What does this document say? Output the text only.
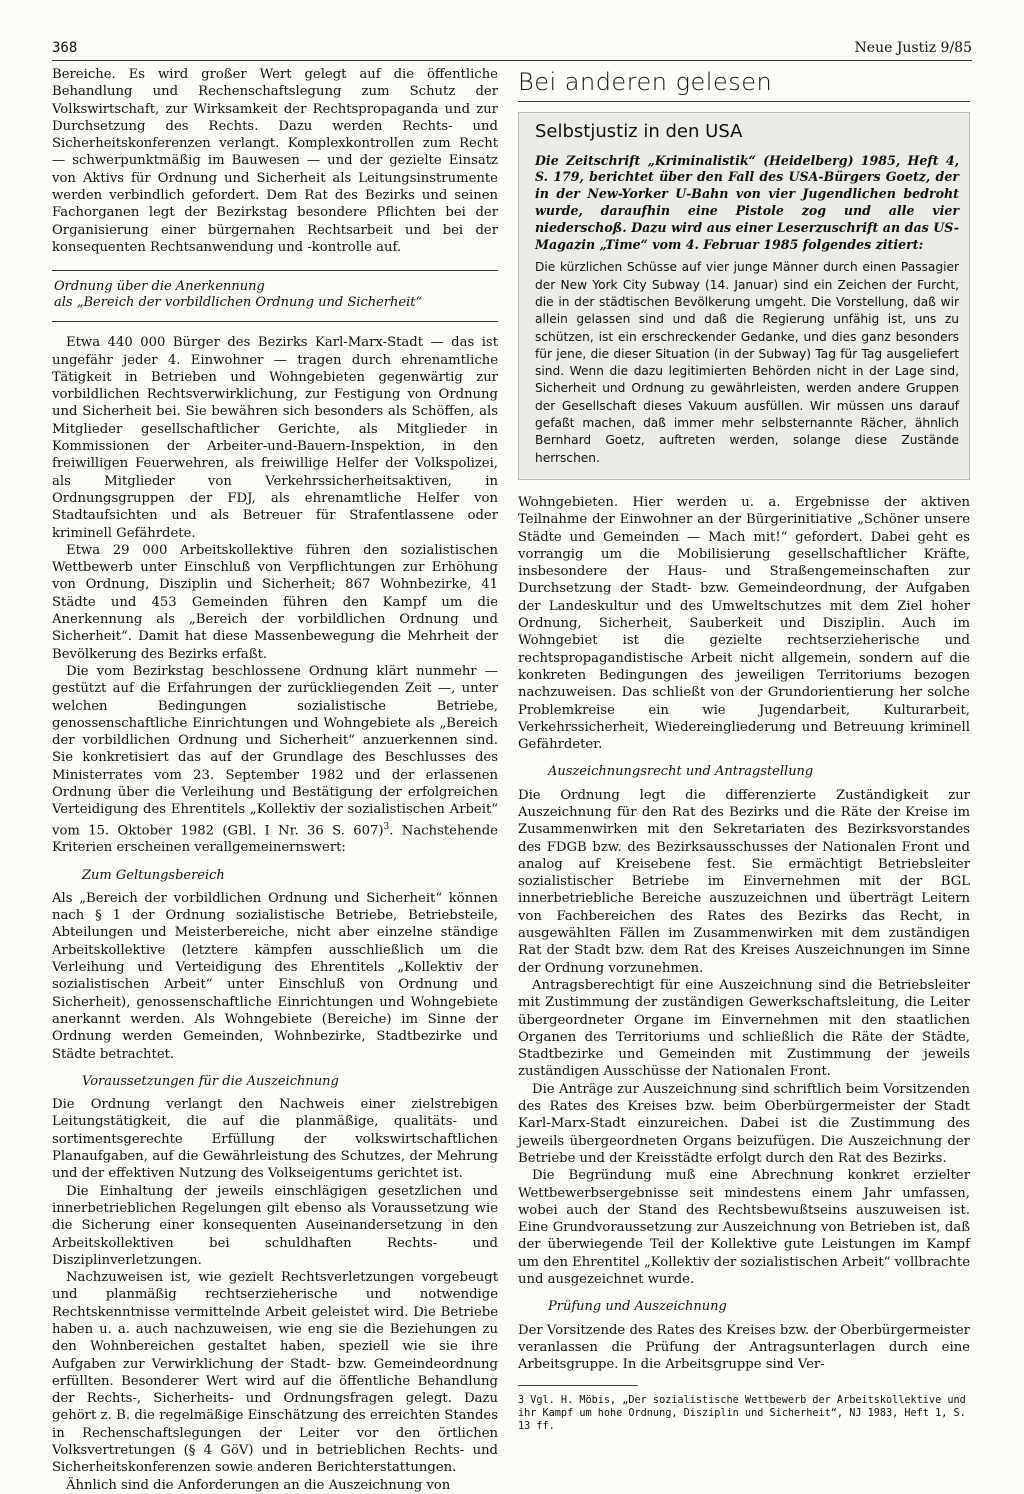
368	Neue Justiz 9/85

Bereiche. Es wird großer Wert gelegt auf die öffentliche Behandlung und Rechenschaftslegung zum Schutz der Volkswirtschaft, zur Wirksamkeit der Rechtspropaganda und zur Durchsetzung des Rechts. Dazu werden Rechts- und Sicherheitskonferenzen verlangt. Komplexkontrollen zum Recht — schwerpunktmäßig im Bauwesen — und der gezielte Einsatz von Aktivs für Ordnung und Sicherheit als Leitungsinstrumente werden verbindlich gefordert. Dem Rat des Bezirks und seinen Fachorganen legt der Bezirkstag besondere Pflichten bei der Organisierung einer bürgernahen Rechtsarbeit und bei der konsequenten Rechtsanwendung und -kontrolle auf.

Ordnung über die Anerkennung
als „Bereich der vorbildlichen Ordnung und Sicherheit“

Etwa 440 000 Bürger des Bezirks Karl-Marx-Stadt — das ist ungefähr jeder 4. Einwohner — tragen durch ehrenamtliche Tätigkeit in Betrieben und Wohngebieten gegenwärtig zur vorbildlichen Rechtsverwirklichung, zur Festigung von Ordnung und Sicherheit bei. Sie bewähren sich besonders als Schöffen, als Mitglieder gesellschaftlicher Gerichte, als Mitglieder in Kommissionen der Arbeiter-und-Bauern-Inspektion, in den freiwilligen Feuerwehren, als freiwillige Helfer der Volkspolizei, als Mitglieder von Verkehrssicherheitsaktiven, in Ordnungsgruppen der FDJ, als ehrenamtliche Helfer von Stadtaufsichten und als Betreuer für Strafentlassene oder kriminell Gefährdete.

Etwa 29 000 Arbeitskollektive führen den sozialistischen Wettbewerb unter Einschluß von Verpflichtungen zur Erhöhung von Ordnung, Disziplin und Sicherheit; 867 Wohnbezirke, 41 Städte und 453 Gemeinden führen den Kampf um die Anerkennung als „Bereich der vorbildlichen Ordnung und Sicherheit“. Damit hat diese Massenbewegung die Mehrheit der Bevölkerung des Bezirks erfaßt.

Die vom Bezirkstag beschlossene Ordnung klärt nunmehr — gestützt auf die Erfahrungen der zurückliegenden Zeit —, unter welchen Bedingungen sozialistische Betriebe, genossenschaftliche Einrichtungen und Wohngebiete als „Bereich der vorbildlichen Ordnung und Sicherheit“ anzuerkennen sind. Sie konkretisiert das auf der Grundlage des Beschlusses des Ministerrates vom 23. September 1982 und der erlassenen Ordnung über die Verleihung und Bestätigung der erfolgreichen Verteidigung des Ehrentitels „Kollektiv der sozialistischen Arbeit“ vom 15. Oktober 1982 (GBl. I Nr. 36 S. 607)$^3$. Nachstehende Kriterien erscheinen verallgemeinernswert:

Zum Geltungsbereich

Als „Bereich der vorbildlichen Ordnung und Sicherheit“ können nach § 1 der Ordnung sozialistische Betriebe, Betriebsteile, Abteilungen und Meisterbereiche, nicht aber einzelne ständige Arbeitskollektive (letztere kämpfen ausschließlich um die Verleihung und Verteidigung des Ehrentitels „Kollektiv der sozialistischen Arbeit“ unter Einschluß von Ordnung und Sicherheit), genossenschaftliche Einrichtungen und Wohngebiete anerkannt werden. Als Wohngebiete (Bereiche) im Sinne der Ordnung werden Gemeinden, Wohnbezirke, Stadtbezirke und Städte betrachtet.

Voraussetzungen für die Auszeichnung

Die Ordnung verlangt den Nachweis einer zielstrebigen Leitungstätigkeit, die auf die planmäßige, qualitäts- und sortimentsgerechte Erfüllung der volkswirtschaftlichen Planaufgaben, auf die Gewährleistung des Schutzes, der Mehrung und der effektiven Nutzung des Volkseigentums gerichtet ist.

Die Einhaltung der jeweils einschlägigen gesetzlichen und innerbetrieblichen Regelungen gilt ebenso als Voraussetzung wie die Sicherung einer konsequenten Auseinandersetzung in den Arbeitskollektiven bei schuldhaften Rechts- und Disziplinverletzungen.

Nachzuweisen ist, wie gezielt Rechtsverletzungen vorgebeugt und planmäßig rechtserzieherische und notwendige Rechtskenntnisse vermittelnde Arbeit geleistet wird. Die Betriebe haben u. a. auch nachzuweisen, wie eng sie die Beziehungen zu den Wohnbereichen gestaltet haben, speziell wie sie ihre Aufgaben zur Verwirklichung der Stadt- bzw. Gemeindeordnung erfüllten. Besonderer Wert wird auf die öffentliche Behandlung der Rechts-, Sicherheits- und Ordnungsfragen gelegt. Dazu gehört z. B. die regelmäßige Einschätzung des erreichten Standes in Rechenschaftslegungen der Leiter vor den örtlichen Volksvertretungen (§ 4 GöV) und in betrieblichen Rechts- und Sicherheitskonferenzen sowie anderen Berichterstattungen.

Ähnlich sind die Anforderungen an die Auszeichnung von

Bei anderen gelesen
Selbstjustiz in den USA
Die Zeitschrift „Kriminalistik“ (Heidelberg) 1985, Heft 4, S. 179, berichtet über den Fall des USA-Bürgers Goetz, der in der New-Yorker U-Bahn von vier Jugendlichen bedroht wurde, daraufhin eine Pistole zog und alle vier niederschoß. Dazu wird aus einer Leserzuschrift an das US-Magazin „Time“ vom 4. Februar 1985 folgendes zitiert:
Die kürzlichen Schüsse auf vier junge Männer durch einen Passagier der New York City Subway (14. Januar) sind ein Zeichen der Furcht, die in der städtischen Bevölkerung umgeht. Die Vorstellung, daß wir allein gelassen sind und daß die Regierung unfähig ist, uns zu schützen, ist ein erschreckender Gedanke, und dies ganz besonders für jene, die dieser Situation (in der Subway) Tag für Tag ausgeliefert sind. Wenn die dazu legitimierten Behörden nicht in der Lage sind, Sicherheit und Ordnung zu gewährleisten, werden andere Gruppen der Gesellschaft dieses Vakuum ausfüllen. Wir müssen uns darauf gefaßt machen, daß immer mehr selbsternannte Rächer, ähnlich Bernhard Goetz, auftreten werden, solange diese Zustände herrschen.

Wohngebieten. Hier werden u. a. Ergebnisse der aktiven Teilnahme der Einwohner an der Bürgerinitiative „Schöner unsere Städte und Gemeinden — Mach mit!“ gefordert. Dabei geht es vorrangig um die Mobilisierung gesellschaftlicher Kräfte, insbesondere der Haus- und Straßengemeinschaften zur Durchsetzung der Stadt- bzw. Gemeindeordnung, der Aufgaben der Landeskultur und des Umweltschutzes mit dem Ziel hoher Ordnung, Sicherheit, Sauberkeit und Disziplin. Auch im Wohngebiet ist die gezielte rechtserzieherische und rechtspropagandistische Arbeit nicht allgemein, sondern auf die konkreten Bedingungen des jeweiligen Territoriums bezogen nachzuweisen. Das schließt von der Grundorientierung her solche Problemkreise ein wie Jugendarbeit, Kulturarbeit, Verkehrssicherheit, Wiedereingliederung und Betreuung kriminell Gefährdeter.

Auszeichnungsrecht und Antragstellung

Die Ordnung legt die differenzierte Zuständigkeit zur Auszeichnung für den Rat des Bezirks und die Räte der Kreise im Zusammenwirken mit den Sekretariaten des Bezirksvorstandes des FDGB bzw. des Bezirksausschusses der Nationalen Front und analog auf Kreisebene fest. Sie ermächtigt Betriebsleiter sozialistischer Betriebe im Einvernehmen mit der BGL innerbetriebliche Bereiche auszuzeichnen und überträgt Leitern von Fachbereichen des Rates des Bezirks das Recht, in ausgewählten Fällen im Zusammenwirken mit dem zuständigen Rat der Stadt bzw. dem Rat des Kreises Auszeichnungen im Sinne der Ordnung vorzunehmen.

Antragsberechtigt für eine Auszeichnung sind die Betriebsleiter mit Zustimmung der zuständigen Gewerkschaftsleitung, die Leiter übergeordneter Organe im Einvernehmen mit den staatlichen Organen des Territoriums und schließlich die Räte der Städte, Stadtbezirke und Gemeinden mit Zustimmung der jeweils zuständigen Ausschüsse der Nationalen Front.

Die Anträge zur Auszeichnung sind schriftlich beim Vorsitzenden des Rates des Kreises bzw. beim Oberbürgermeister der Stadt Karl-Marx-Stadt einzureichen. Dabei ist die Zustimmung des jeweils übergeordneten Organs beizufügen. Die Auszeichnung der Betriebe und der Kreisstädte erfolgt durch den Rat des Bezirks.

Die Begründung muß eine Abrechnung konkret erzielter Wettbewerbsergebnisse seit mindestens einem Jahr umfassen, wobei auch der Stand des Rechtsbewußtseins auszuweisen ist. Eine Grundvoraussetzung zur Auszeichnung von Betrieben ist, daß der überwiegende Teil der Kollektive gute Leistungen im Kampf um den Ehrentitel „Kollektiv der sozialistischen Arbeit“ vollbrachte und ausgezeichnet wurde.

Prüfung und Auszeichnung

Der Vorsitzende des Rates des Kreises bzw. der Oberbürgermeister veranlassen die Prüfung der Antragsunterlagen durch eine Arbeitsgruppe. In die Arbeitsgruppe sind Ver-

3 Vgl. H. Möbis, „Der sozialistische Wettbewerb der Arbeitskollektive und ihr Kampf um hohe Ordnung, Disziplin und Sicherheit“, NJ 1983, Heft 1, S. 13 ff.
